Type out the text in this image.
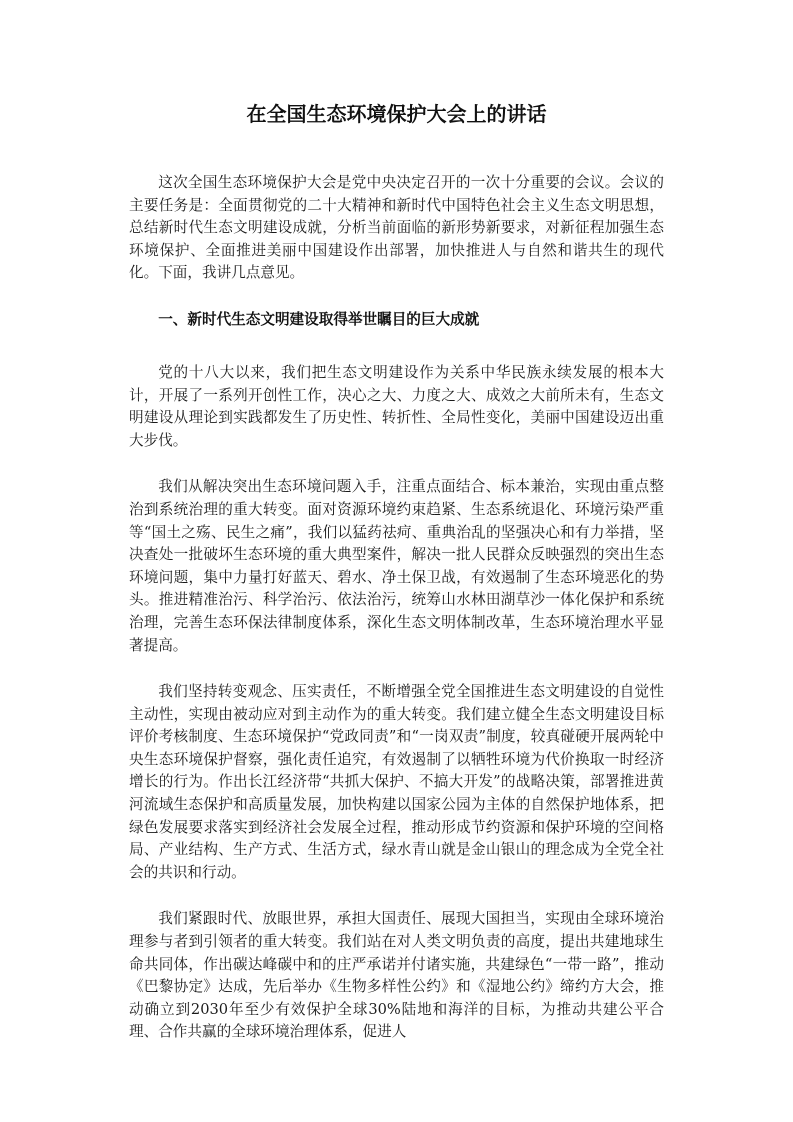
在全国生态环境保护大会上的讲话

这次全国生态环境保护大会是党中央决定召开的一次十分重要的会议。会议的主要任务是：全面贯彻党的二十大精神和新时代中国特色社会主义生态文明思想，总结新时代生态文明建设成就，分析当前面临的新形势新要求，对新征程加强生态环境保护、全面推进美丽中国建设作出部署，加快推进人与自然和谐共生的现代化。下面，我讲几点意见。

一、新时代生态文明建设取得举世瞩目的巨大成就

党的十八大以来，我们把生态文明建设作为关系中华民族永续发展的根本大计，开展了一系列开创性工作，决心之大、力度之大、成效之大前所未有，生态文明建设从理论到实践都发生了历史性、转折性、全局性变化，美丽中国建设迈出重大步伐。

我们从解决突出生态环境问题入手，注重点面结合、标本兼治，实现由重点整治到系统治理的重大转变。面对资源环境约束趋紧、生态系统退化、环境污染严重等“国土之殇、民生之痛”，我们以猛药祛疴、重典治乱的坚强决心和有力举措，坚决查处一批破坏生态环境的重大典型案件，解决一批人民群众反映强烈的突出生态环境问题，集中力量打好蓝天、碧水、净土保卫战，有效遏制了生态环境恶化的势头。推进精准治污、科学治污、依法治污，统筹山水林田湖草沙一体化保护和系统治理，完善生态环保法律制度体系，深化生态文明体制改革，生态环境治理水平显著提高。

我们坚持转变观念、压实责任，不断增强全党全国推进生态文明建设的自觉性主动性，实现由被动应对到主动作为的重大转变。我们建立健全生态文明建设目标评价考核制度、生态环境保护“党政同责”和“一岗双责”制度，较真碰硬开展两轮中央生态环境保护督察，强化责任追究，有效遏制了以牺牲环境为代价换取一时经济增长的行为。作出长江经济带“共抓大保护、不搞大开发”的战略决策，部署推进黄河流域生态保护和高质量发展，加快构建以国家公园为主体的自然保护地体系，把绿色发展要求落实到经济社会发展全过程，推动形成节约资源和保护环境的空间格局、产业结构、生产方式、生活方式，绿水青山就是金山银山的理念成为全党全社会的共识和行动。

我们紧跟时代、放眼世界，承担大国责任、展现大国担当，实现由全球环境治理参与者到引领者的重大转变。我们站在对人类文明负责的高度，提出共建地球生命共同体，作出碳达峰碳中和的庄严承诺并付诸实施，共建绿色“一带一路”，推动《巴黎协定》达成，先后举办《生物多样性公约》和《湿地公约》缔约方大会，推动确立到2030年至少有效保护全球30%陆地和海洋的目标，为推动共建公平合理、合作共赢的全球环境治理体系，促进人
